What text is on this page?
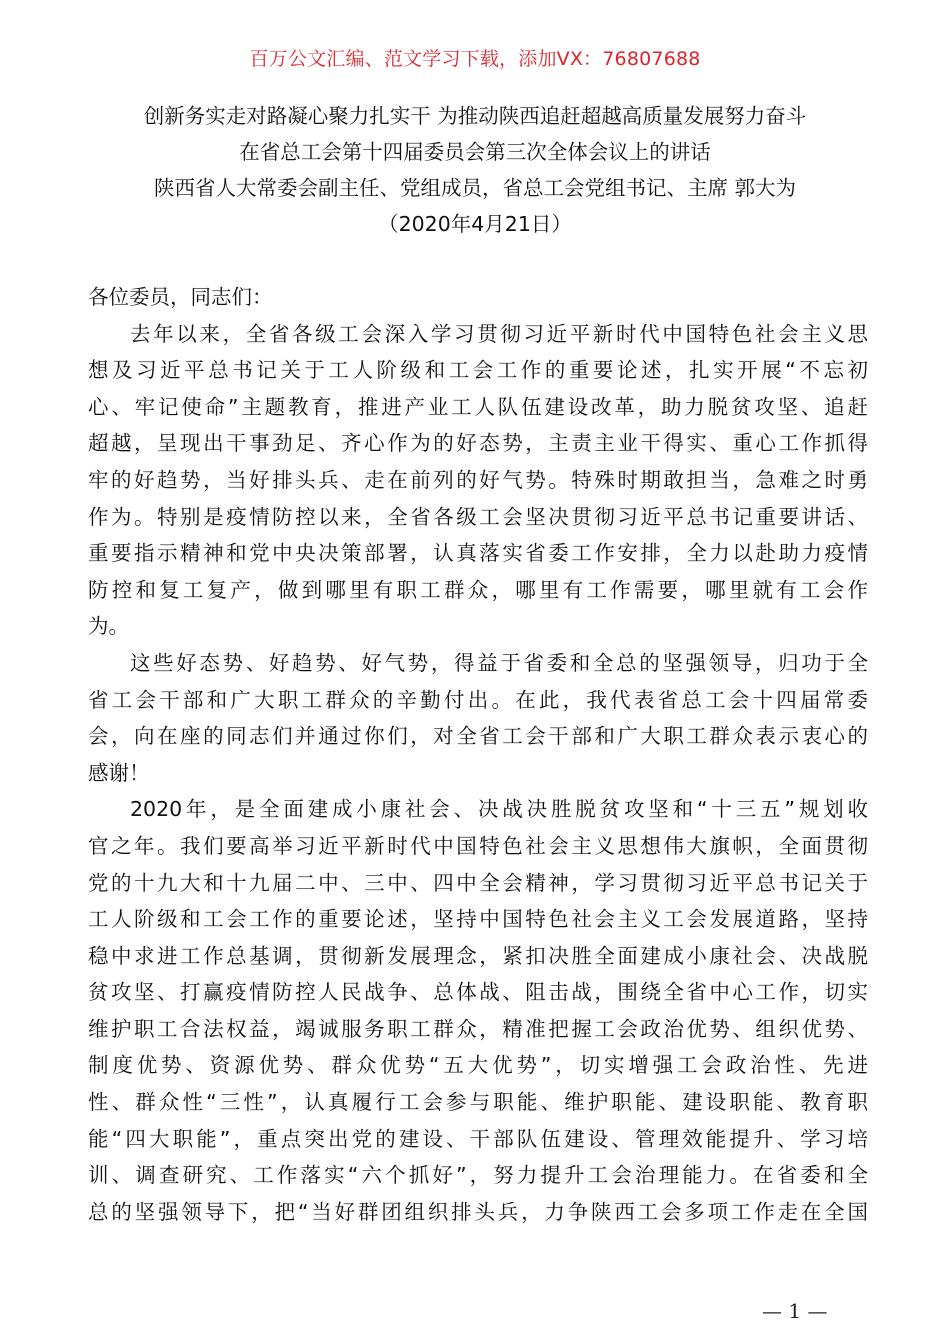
百万公文汇编、范文学习下载，添加VX：76807688
创新务实走对路凝心聚力扎实干 为推动陕西追赶超越高质量发展努力奋斗
在省总工会第十四届委员会第三次全体会议上的讲话
陕西省人大常委会副主任、党组成员，省总工会党组书记、主席 郭大为
（2020年4月21日）
各位委员，同志们：
去年以来，全省各级工会深入学习贯彻习近平新时代中国特色社会主义思
想及习近平总书记关于工人阶级和工会工作的重要论述，扎实开展“不忘初
心、牢记使命”主题教育，推进产业工人队伍建设改革，助力脱贫攻坚、追赶
超越，呈现出干事劲足、齐心作为的好态势，主责主业干得实、重心工作抓得
牢的好趋势，当好排头兵、走在前列的好气势。特殊时期敢担当，急难之时勇
作为。特别是疫情防控以来，全省各级工会坚决贯彻习近平总书记重要讲话、
重要指示精神和党中央决策部署，认真落实省委工作安排，全力以赴助力疫情
防控和复工复产，做到哪里有职工群众，哪里有工作需要，哪里就有工会作
为。
这些好态势、好趋势、好气势，得益于省委和全总的坚强领导，归功于全
省工会干部和广大职工群众的辛勤付出。在此，我代表省总工会十四届常委
会，向在座的同志们并通过你们，对全省工会干部和广大职工群众表示衷心的
感谢！
2020年，是全面建成小康社会、决战决胜脱贫攻坚和“十三五”规划收
官之年。我们要高举习近平新时代中国特色社会主义思想伟大旗帜，全面贯彻
党的十九大和十九届二中、三中、四中全会精神，学习贯彻习近平总书记关于
工人阶级和工会工作的重要论述，坚持中国特色社会主义工会发展道路，坚持
稳中求进工作总基调，贯彻新发展理念，紧扣决胜全面建成小康社会、决战脱
贫攻坚、打赢疫情防控人民战争、总体战、阻击战，围绕全省中心工作，切实
维护职工合法权益，竭诚服务职工群众，精准把握工会政治优势、组织优势、
制度优势、资源优势、群众优势“五大优势”，切实增强工会政治性、先进
性、群众性“三性”，认真履行工会参与职能、维护职能、建设职能、教育职
能“四大职能”，重点突出党的建设、干部队伍建设、管理效能提升、学习培
训、调查研究、工作落实“六个抓好”，努力提升工会治理能力。在省委和全
总的坚强领导下，把“当好群团组织排头兵，力争陕西工会多项工作走在全国
— 1 —
